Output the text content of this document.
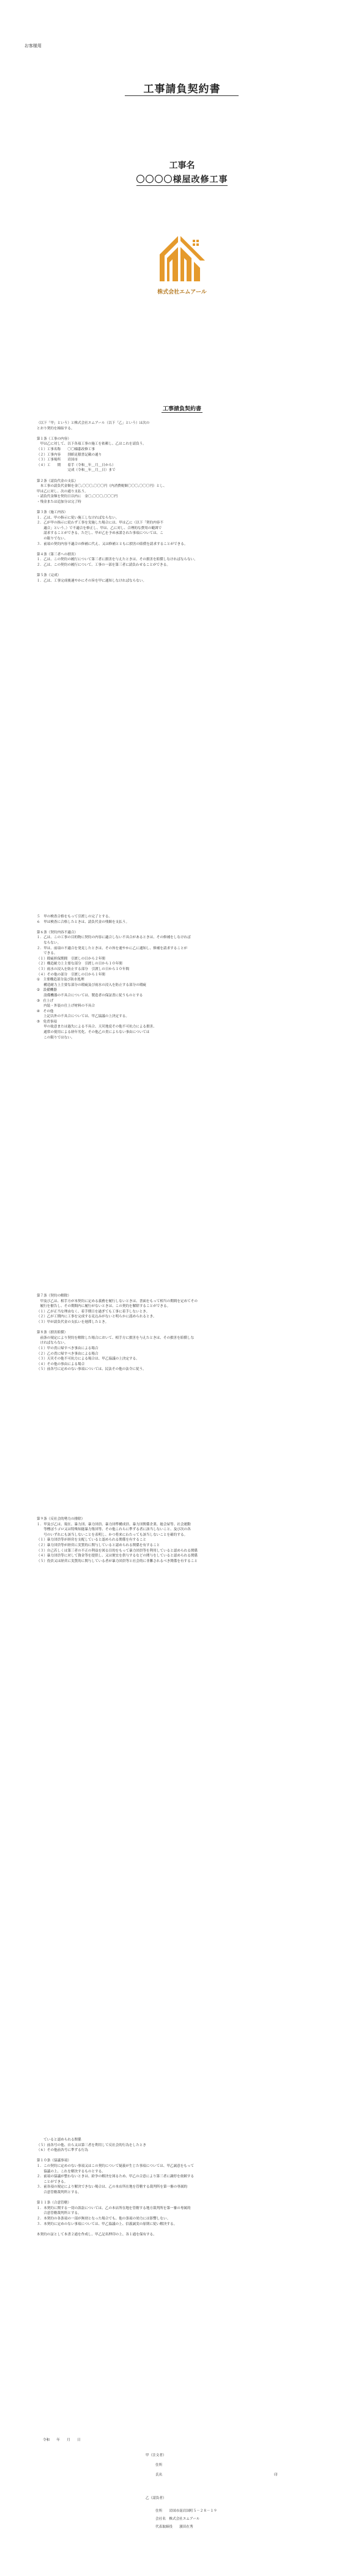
お客様用
工事請負契約書
工事名
〇〇〇〇様屋改修工事
株式会社エムアール
工事請負契約書
（以下「甲」という）と株式会社エムアール（以下「乙」という）は次の
とおり契約を締結する。

第１条（工事の内容）
　甲は乙に対して、以下各項工事の施工を依頼し、乙はこれを請負う。
（１）工事名称　　〇〇様邸改修工事
（２）工事内容　　別紙見積書記載の通り
（３）工事場所　　岩国市
（４）工　　期　　着手（令和＿年＿月＿日から）
　　　　　　　　　完成（令和＿年＿月＿日）まで

第２条（請負代金の支払）
　本工事の請負代金額を金〇,〇〇〇,〇〇〇円（内消費税額〇〇〇,〇〇〇円）とし、
甲は乙に対し、次の通り支払う。
・請負代金額を契約日以内に　金〇,〇〇〇,〇〇〇円
・残金または追加分は完了時

第３条（施工内容）
１．乙は、甲の指示に従い施工しなければならない。
２．乙が甲の指示に従わず工事を実施した場合には、甲は乙に（以下「契約内容不
　　適合」という。）で不適合を修正し、甲は、乙に対し、合理的な費用の範囲で
　　請求することができる。ただし、甲が乙を予め承諾された事項については、こ
　　の限りでない。
３．前項の契約内容不適合の修補に代え、又は修補とともに損害の賠償を請求することができる。

第４条（第三者への損害）
１．乙は、この契約の履行について第三者に損害を与えたときは、その損害を賠償しなければならない。
２．乙は、この契約の履行について、工事の一部を第三者に請負わせることができる。

第５条（完成）
１．乙は、工事完成後速やかにその旨を甲に通知しなければならない。
５　甲の検査合格をもって引渡しの完了とする。
６　甲は検査に合格したときは、請負代金の残額を支払う。

第６条（契約内容不適合）
１．乙は、この工事の目的物に契約の内容に適合しない不具合があるときは、その修補をしなければ
　　ならない。
２．甲は、前項の不適合を発見したときは、その旨を速やかに乙に通知し、修補を請求することが
　　できる。
（１）瑕疵担保期間　引渡しの日から２年間
（２）構造耐力上主要な部分　引渡しの日から１０年間
（３）雨水の浸入を防止する部分　引渡しの日から１０年間
（４）その他の部分　引渡しの日から１年間
①　主要構造部分及び防水処理
　　構造耐力上主要な部分の瑕疵及び雨水の浸入を防止する部分の瑕疵
②　設備機器
　　設備機器の不具合については、製造者の保証書に従うものとする
③　仕上げ
　　内装・外装の仕上げ材料の不具合
④　その他
　　上記以外の不具合については、甲乙協議の上決定する。
⑤　免責事項
　　甲の故意または過失による不具合、天災地変その他不可抗力による損害、
　　通常の使用による経年劣化、その他乙の責によらない事由については
　　この限りではない。
第７条（契約の解除）
　甲及び乙は、相手方が本契約に定める義務を履行しないときは、書面をもって相当の期間を定めてその
　履行を催告し、その期間内に履行がないときは、この契約を解除することができる。
（１）乙が正当な理由なく、着手期日を過ぎても工事に着手しないとき。
（２）乙が工期内に工事を完成する見込みがないと明らかに認められるとき。
（３）甲が請負代金の支払いを遅滞したとき。

第８条（損害賠償）
　前条の規定により契約を解除した場合において、相手方に損害を与えたときは、その損害を賠償しな
　ければならない。
（１）甲の責に帰すべき事由による場合
（２）乙の責に帰すべき事由による場合
（３）天災その他不可抗力による場合は、甲乙協議の上決定する。
（４）その他の事由による場合
（５）前各号に定めのない事項については、民法その他の法令に従う。
第９条（反社会的勢力の排除）
１．甲及び乙は、現在、暴力団、暴力団員、暴力団準構成員、暴力団関係企業、総会屋等、社会運動
　　等標ぼうゴロ又は特殊知能暴力集団等、その他これらに準ずる者に該当しないこと、及び次の各
　　号のいずれにも該当しないことを表明し、かつ将来にわたっても該当しないことを確約する。
（１）暴力団員等が経営を支配していると認められる関係を有すること
（２）暴力団員等が経営に実質的に関与していると認められる関係を有すること
（３）自己若しくは第三者の不正の利益を図る目的をもって暴力団員等を利用していると認められる関係
（４）暴力団員等に対して資金等を提供し、又は便宜を供与するなどの関与をしていると認められる関係
（５）役員又は経営に実質的に関与している者が暴力団員等と社会的に非難されるべき関係を有すること
　　ていると認められる関係
（５）前各号の他、自ら又は第三者を利用して反社会的行為をしたとき
（６）その他前各号に準ずる行為

第１０条（協議事項）
１．この契約に定めのない事項又はこの契約について疑義が生じた事項については、甲乙誠意をもって
　　協議の上、これを解決するものとする。
２．前項の協議が整わないときは、紛争の解決を図るため、甲乙の合意により第三者に調停を依頼する
　　ことができる。
３．前各項の規定により解決できない場合は、乙の本店所在地を管轄する裁判所を第一審の専属的
　　合意管轄裁判所とする。

第１１条（合意管轄）
１．本契約に関する一切の訴訟については、乙の本店所在地を管轄する地方裁判所を第一審の専属的
　　合意管轄裁判所とする。
２．本契約の各条項の一部が無効となった場合でも、他の条項の効力には影響しない。
３．本契約に定めのない事項については、甲乙協議の上、信義誠実の原則に従い解決する。

本契約の証として本書２通を作成し、甲乙記名押印の上、各１通を保有する。
令和　　年　　月　　日
甲（注文者）
住所
氏名	印
乙（請負者）
住所　　岩国市南岩国町５－２８－１９
会社名　株式会社エムアール
代表取締役　　濱田在秀
